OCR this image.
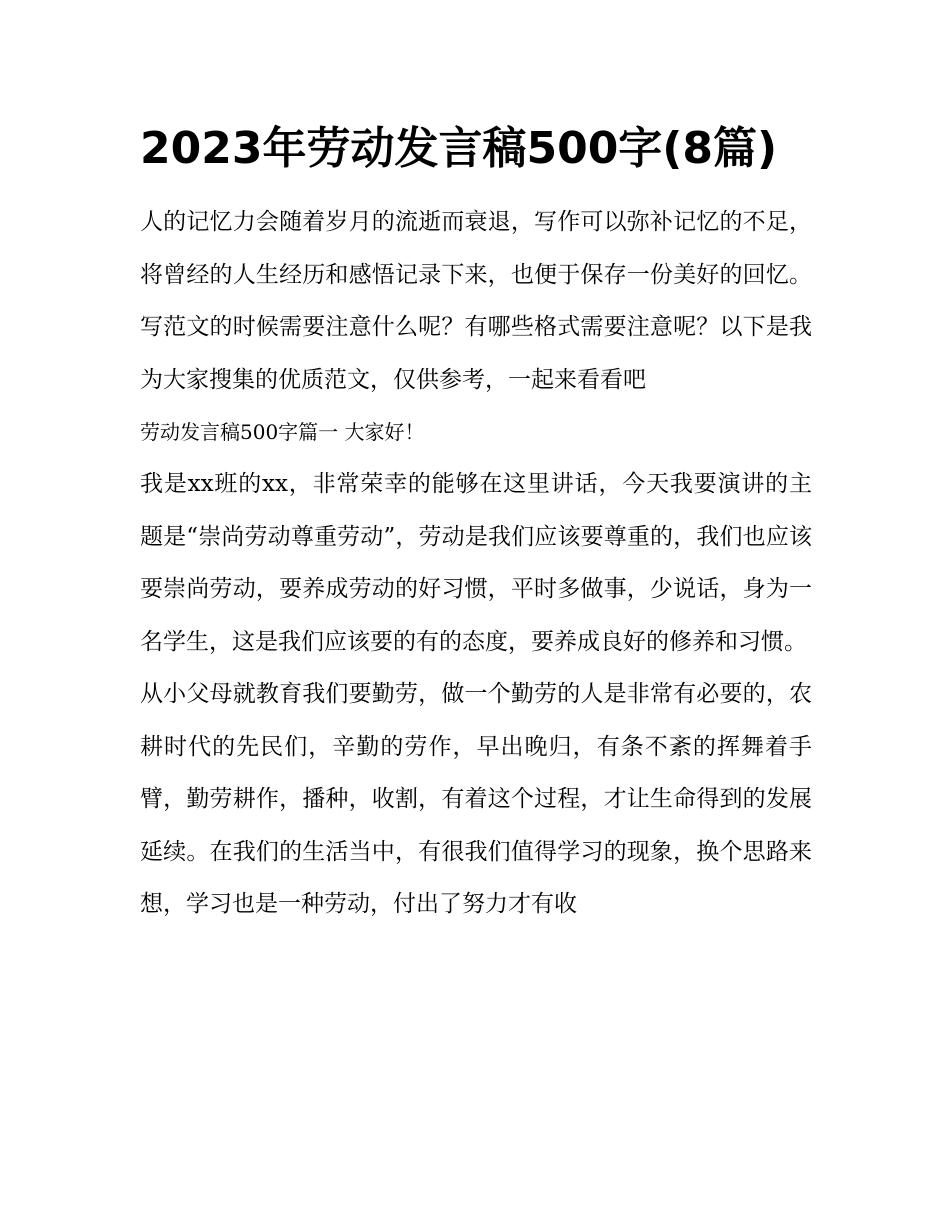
2023年劳动发言稿500字(8篇)

人的记忆力会随着岁月的流逝而衰退，写作可以弥补记忆的不足，将曾经的人生经历和感悟记录下来，也便于保存一份美好的回忆。写范文的时候需要注意什么呢？有哪些格式需要注意呢？以下是我为大家搜集的优质范文，仅供参考，一起来看看吧

劳动发言稿500字篇一 大家好！

我是xx班的xx，非常荣幸的能够在这里讲话，今天我要演讲的主题是“崇尚劳动尊重劳动”，劳动是我们应该要尊重的，我们也应该要崇尚劳动，要养成劳动的好习惯，平时多做事，少说话，身为一名学生，这是我们应该要的有的态度，要养成良好的修养和习惯。

从小父母就教育我们要勤劳，做一个勤劳的人是非常有必要的，农耕时代的先民们，辛勤的劳作，早出晚归，有条不紊的挥舞着手臂，勤劳耕作，播种，收割，有着这个过程，才让生命得到的发展延续。在我们的生活当中，有很我们值得学习的现象，换个思路来想，学习也是一种劳动，付出了努力才有收
